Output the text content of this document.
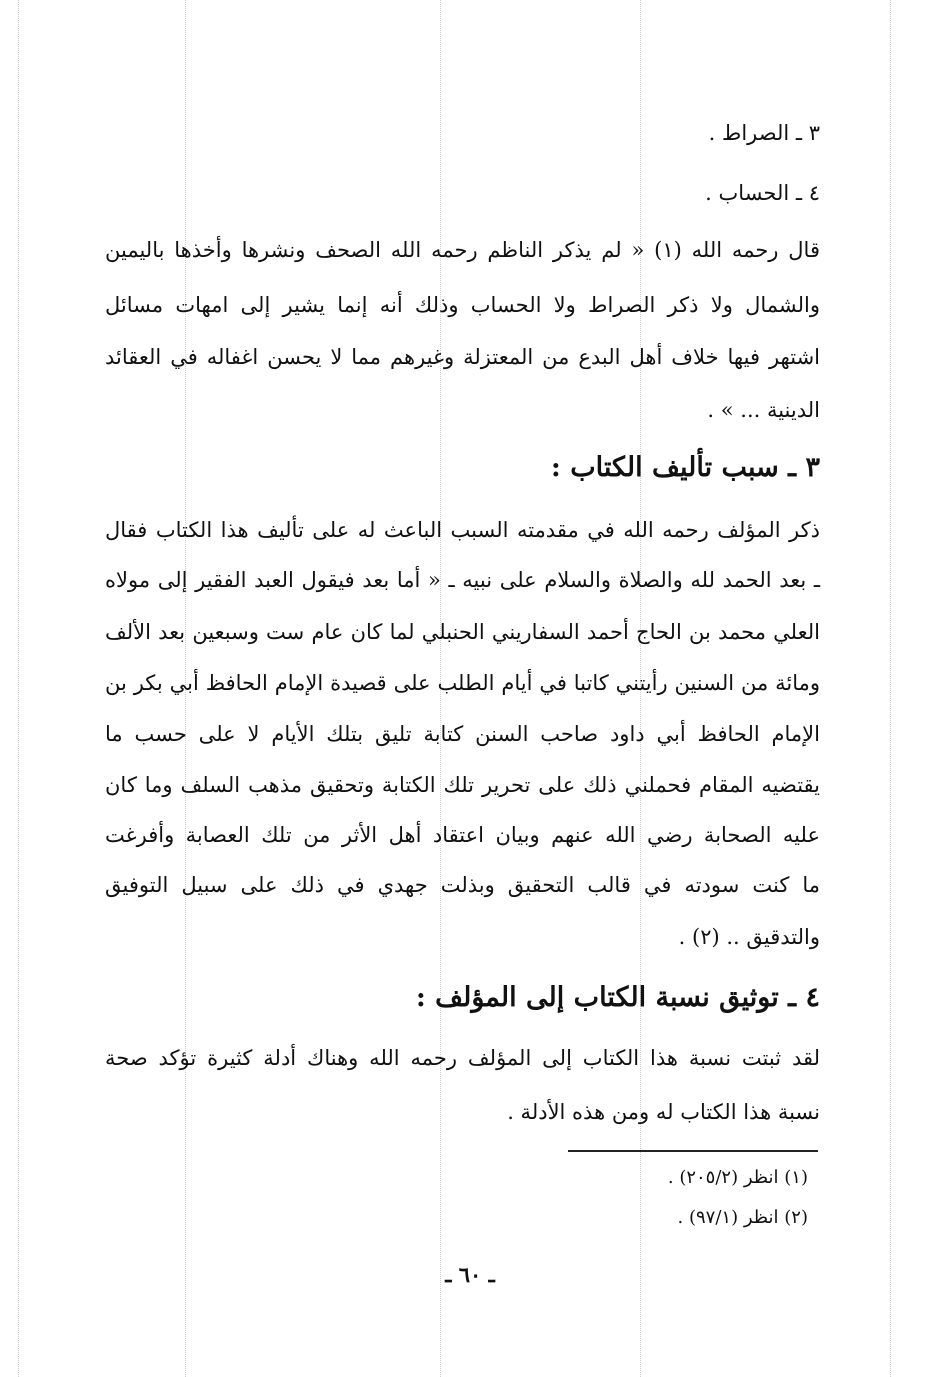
٣ ـ الصراط .
٤ ـ الحساب .
قال رحمه الله (١) « لم يذكر الناظم رحمه الله الصحف ونشرها وأخذها باليمين
والشمال ولا ذكر الصراط ولا الحساب وذلك أنه إنما يشير إلى امهات مسائل
اشتهر فيها خلاف أهل البدع من المعتزلة وغيرهم مما لا يحسن اغفاله في العقائد
الدينية ... » .
٣ ـ سبب تأليف الكتاب :
ذكر المؤلف رحمه الله في مقدمته السبب الباعث له على تأليف هذا الكتاب فقال
ـ بعد الحمد لله والصلاة والسلام على نبيه ـ « أما بعد فيقول العبد الفقير إلى مولاه
العلي محمد بن الحاج أحمد السفاريني الحنبلي لما كان عام ست وسبعين بعد الألف
ومائة من السنين رأيتني كاتبا في أيام الطلب على قصيدة الإمام الحافظ أبي بكر بن
الإمام الحافظ أبي داود صاحب السنن كتابة تليق بتلك الأيام لا على حسب ما
يقتضيه المقام فحملني ذلك على تحرير تلك الكتابة وتحقيق مذهب السلف وما كان
عليه الصحابة رضي الله عنهم وبيان اعتقاد أهل الأثر من تلك العصابة وأفرغت
ما كنت سودته في قالب التحقيق وبذلت جهدي في ذلك على سبيل التوفيق
والتدقيق .. (٢) .
٤ ـ توثيق نسبة الكتاب إلى المؤلف :
لقد ثبتت نسبة هذا الكتاب إلى المؤلف رحمه الله وهناك أدلة كثيرة تؤكد صحة
نسبة هذا الكتاب له ومن هذه الأدلة .
(١) انظر (٢٠٥/٢) .
(٢) انظر (٩٧/١) .
ـ ٦٠ ـ
